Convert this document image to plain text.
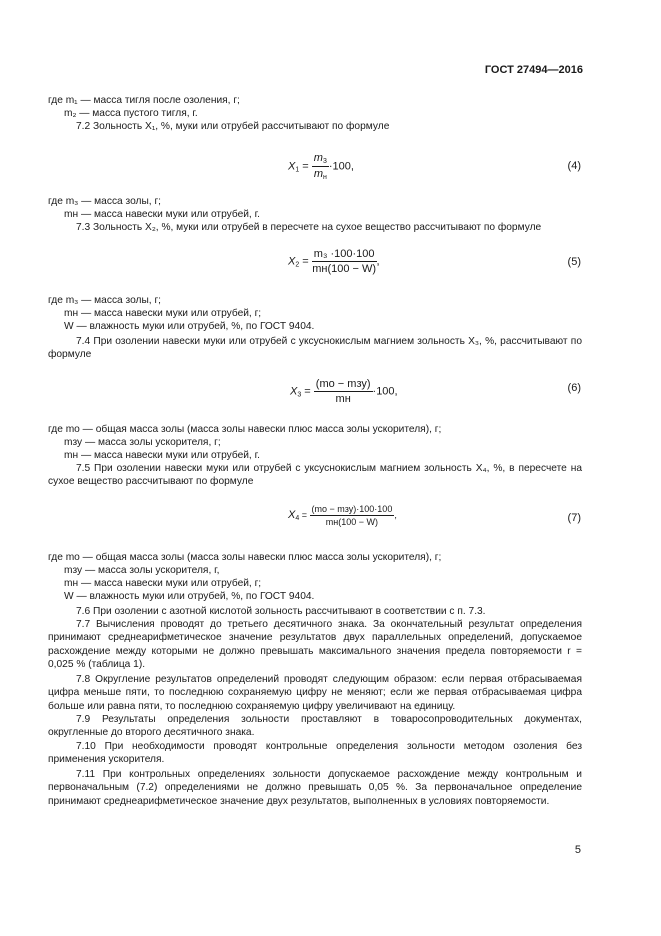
ГОСТ 27494—2016
где m₁ — масса тигля после озоления, г;
m₂ — масса пустого тигля, г.
7.2 Зольность X₁, %, муки или отрубей рассчитывают по формуле
$X_1 = \frac{m_3}{m_н} \cdot 100$,	(4)
где m₃ — масса золы, г;
mн — масса навески муки или отрубей, г.
7.3 Зольность X₂, %, муки или отрубей в пересчете на сухое вещество рассчитывают по формуле
$X_2 = \frac{\text{m₃ ·100·100}}{mн(100 - W)}$ ,	(5)
где m₃ — масса золы, г;
mн — масса навески муки или отрубей, г;
W — влажность муки или отрубей, %, по ГОСТ 9404.
7.4 При озолении навески муки или отрубей с уксуснокислым магнием зольность X₃, %, рассчитывают по формуле
$X_3 = \frac{\text{(mо − mзу)}}{mн} \cdot 100$,	(6)
где mо — общая масса золы (масса золы навески плюс масса золы ускорителя), г;
mзу — масса золы ускорителя, г;
mн — масса навески муки или отрубей, г.
7.5 При озолении навески муки или отрубей с уксуснокислым магнием зольность X₄, %, в пересчете на сухое вещество рассчитывают по формуле
$X_4 = \frac{\text{(mо − mзу)·100·100}}{mн(100 - W)}$ ,	(7)
где mо — общая масса золы (масса золы навески плюс масса золы ускорителя), г;
mзу — масса золы ускорителя, г,
mн — масса навески муки или отрубей, г;
W — влажность муки или отрубей, %, по ГОСТ 9404.
7.6 При озолении с азотной кислотой зольность рассчитывают в соответствии с п. 7.3.
7.7 Вычисления проводят до третьего десятичного знака. За окончательный результат определения принимают среднеарифметическое значение результатов двух параллельных определений, допускаемое расхождение между которыми не должно превышать максимального значения предела повторяемости r = 0,025 % (таблица 1).
7.8 Округление результатов определений проводят следующим образом: если первая отбрасываемая цифра меньше пяти, то последнюю сохраняемую цифру не меняют; если же первая отбрасываемая цифра больше или равна пяти, то последнюю сохраняемую цифру увеличивают на единицу.
7.9 Результаты определения зольности проставляют в товаросопроводительных документах, округленные до второго десятичного знака.
7.10 При необходимости проводят контрольные определения зольности методом озоления без применения ускорителя.
7.11 При контрольных определениях зольности допускаемое расхождение между контрольным и первоначальным (7.2) определениями не должно превышать 0,05 %. За первоначальное определение принимают среднеарифметическое значение двух результатов, выполненных в условиях повторяемости.
5
